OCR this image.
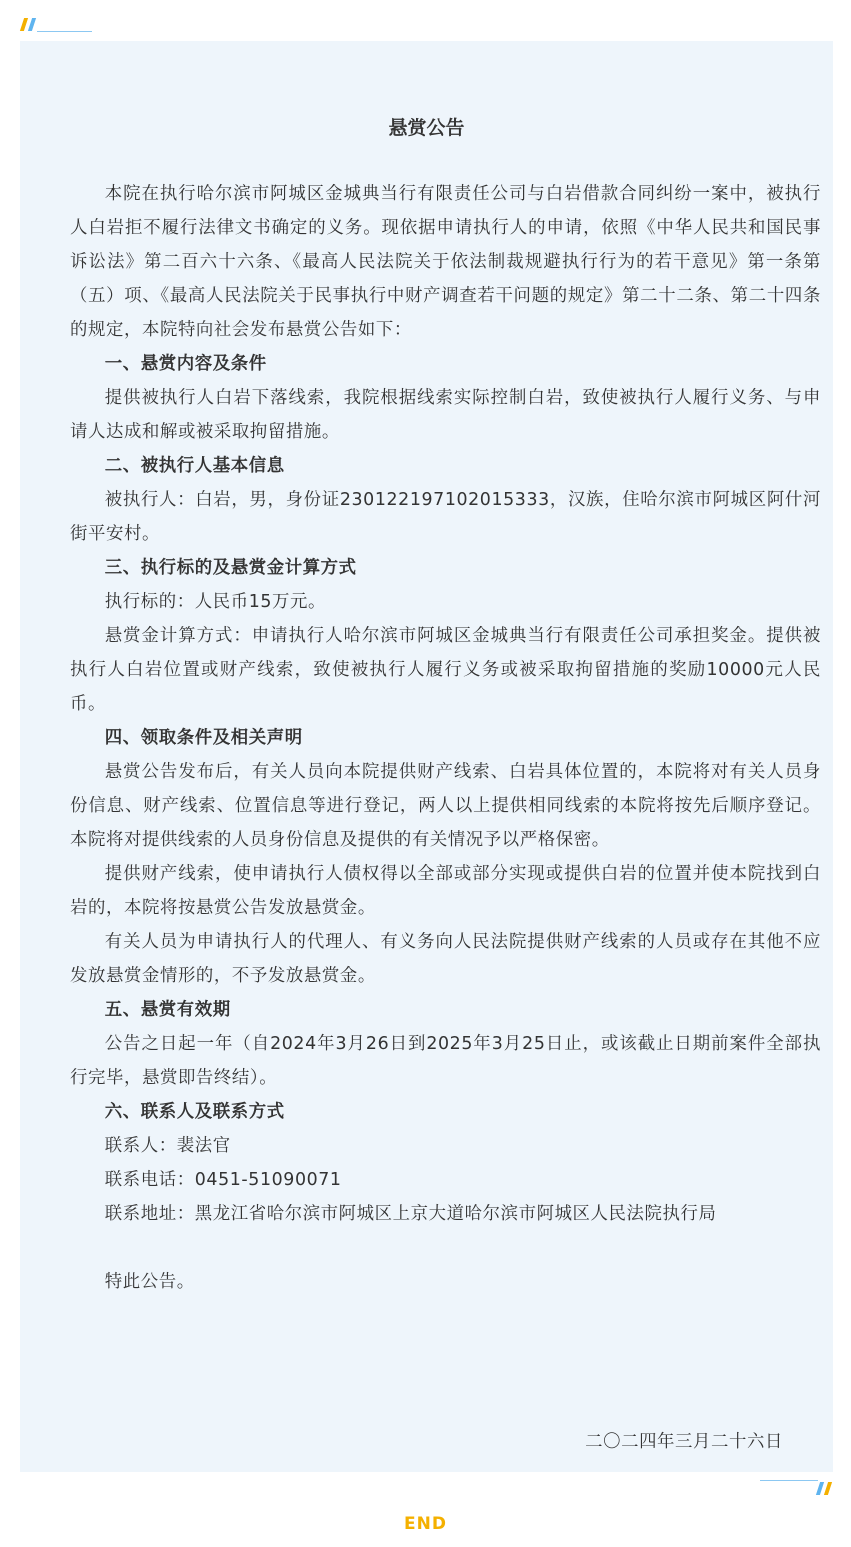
悬赏公告

本院在执行哈尔滨市阿城区金城典当行有限责任公司与白岩借款合同纠纷一案中，被执行人白岩拒不履行法律文书确定的义务。现依据申请执行人的申请，依照《中华人民共和国民事诉讼法》第二百六十六条、《最高人民法院关于依法制裁规避执行行为的若干意见》第一条第（五）项、《最高人民法院关于民事执行中财产调查若干问题的规定》第二十二条、第二十四条的规定，本院特向社会发布悬赏公告如下：

一、悬赏内容及条件

提供被执行人白岩下落线索，我院根据线索实际控制白岩，致使被执行人履行义务、与申请人达成和解或被采取拘留措施。

二、被执行人基本信息

被执行人：白岩，男，身份证230122197102015333，汉族，住哈尔滨市阿城区阿什河街平安村。

三、执行标的及悬赏金计算方式

执行标的：人民币15万元。

悬赏金计算方式：申请执行人哈尔滨市阿城区金城典当行有限责任公司承担奖金。提供被执行人白岩位置或财产线索，致使被执行人履行义务或被采取拘留措施的奖励10000元人民币。

四、领取条件及相关声明

悬赏公告发布后，有关人员向本院提供财产线索、白岩具体位置的，本院将对有关人员身份信息、财产线索、位置信息等进行登记，两人以上提供相同线索的本院将按先后顺序登记。本院将对提供线索的人员身份信息及提供的有关情况予以严格保密。

提供财产线索，使申请执行人债权得以全部或部分实现或提供白岩的位置并使本院找到白岩的，本院将按悬赏公告发放悬赏金。

有关人员为申请执行人的代理人、有义务向人民法院提供财产线索的人员或存在其他不应发放悬赏金情形的，不予发放悬赏金。

五、悬赏有效期

公告之日起一年（自2024年3月26日到2025年3月25日止，或该截止日期前案件全部执行完毕，悬赏即告终结）。

六、联系人及联系方式

联系人：裴法官

联系电话：0451-51090071

联系地址：黑龙江省哈尔滨市阿城区上京大道哈尔滨市阿城区人民法院执行局

特此公告。

二〇二四年三月二十六日
END
